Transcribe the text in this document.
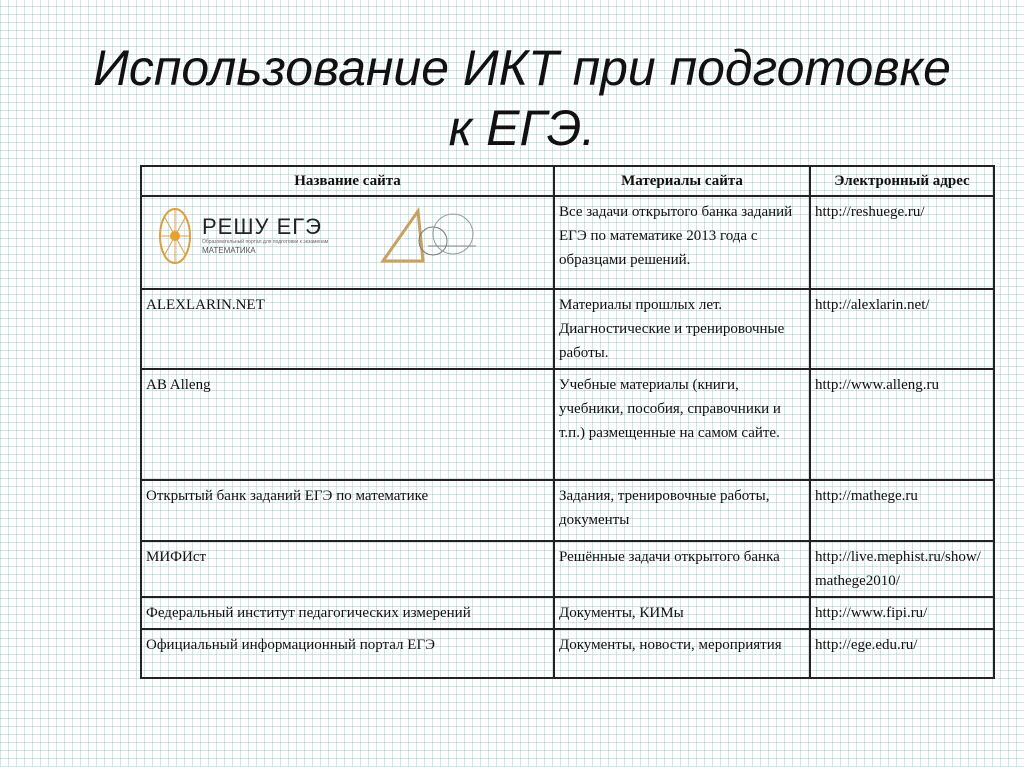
Использование ИКТ при подготовке
к ЕГЭ.
Название сайта	Материалы сайта	Электронный адрес

РЕШУ ЕГЭ
Образовательный портал для подготовки к экзаменам
МАТЕМАТИКА	Все задачи открытого банка заданий ЕГЭ по математике 2013 года с образцами решений.	http://reshuege.ru/
ALEXLARIN.NET	Материалы прошлых лет. Диагностические и тренировочные работы.	http://alexlarin.net/
AB Alleng	Учебные материалы (книги, учебники, пособия, справочники и т.п.) размещенные на самом сайте.	http://www.alleng.ru
Открытый банк заданий ЕГЭ по математике	Задания, тренировочные работы, документы	http://mathege.ru
МИФИст	Решённые задачи открытого банка	http://live.mephist.ru/show/mathege2010/
Федеральный институт педагогических измерений	Документы, КИМы	http://www.fipi.ru/
Официальный информационный портал ЕГЭ	Документы, новости, мероприятия	http://ege.edu.ru/
